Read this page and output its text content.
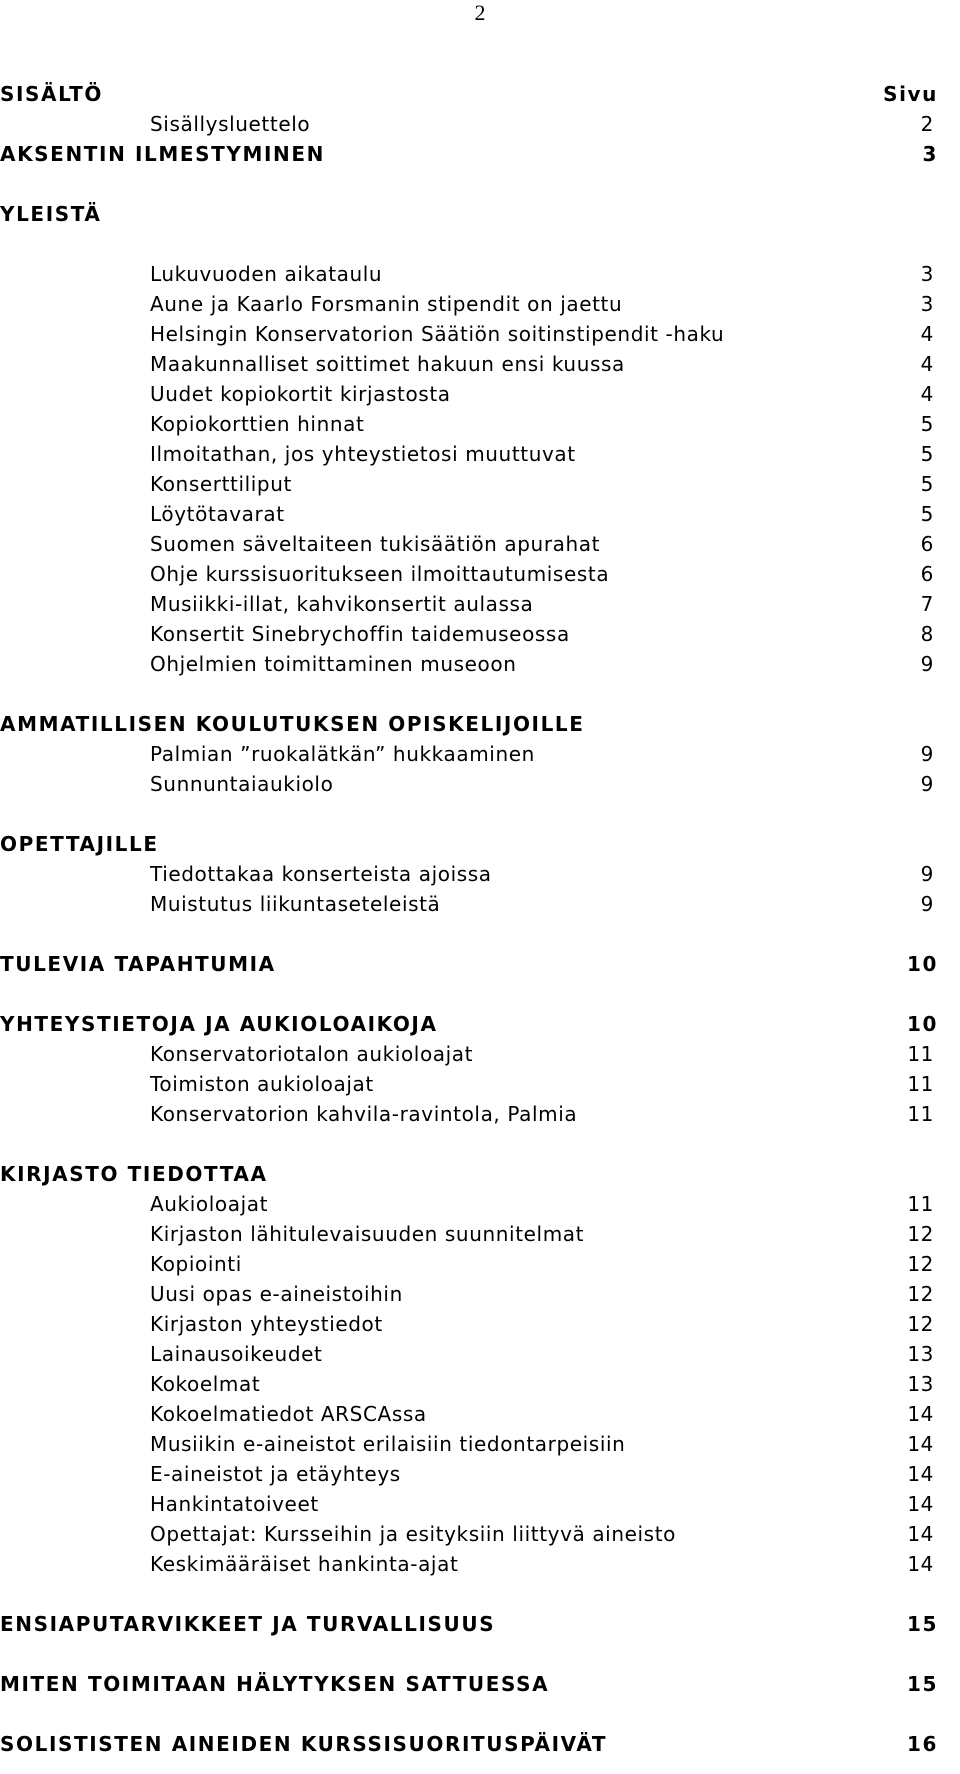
2
SISÄLTÖ	Sivu
Sisällysluettelo	2
AKSENTIN ILMESTYMINEN	3
YLEISTÄ
Lukuvuoden aikataulu	3
Aune ja Kaarlo Forsmanin stipendit on jaettu	3
Helsingin Konservatorion Säätiön soitinstipendit -haku	4
Maakunnalliset soittimet hakuun ensi kuussa	4
Uudet kopiokortit kirjastosta	4
Kopiokorttien hinnat	5
Ilmoitathan, jos yhteystietosi muuttuvat	5
Konserttiliput	5
Löytötavarat	5
Suomen säveltaiteen tukisäätiön apurahat	6
Ohje kurssisuoritukseen ilmoittautumisesta	6
Musiikki-illat, kahvikonsertit aulassa	7
Konsertit Sinebrychoffin taidemuseossa	8
Ohjelmien toimittaminen museoon	9
AMMATILLISEN KOULUTUKSEN OPISKELIJOILLE
Palmian ”ruokalätkän” hukkaaminen	9
Sunnuntaiaukiolo	9
OPETTAJILLE
Tiedottakaa konserteista ajoissa	9
Muistutus liikuntaseteleistä	9
TULEVIA TAPAHTUMIA	10
YHTEYSTIETOJA JA AUKIOLOAIKOJA	10
Konservatoriotalon aukioloajat	11
Toimiston aukioloajat	11
Konservatorion kahvila-ravintola, Palmia	11
KIRJASTO TIEDOTTAA
Aukioloajat	11
Kirjaston lähitulevaisuuden suunnitelmat	12
Kopiointi	12
Uusi opas e-aineistoihin	12
Kirjaston yhteystiedot	12
Lainausoikeudet	13
Kokoelmat	13
Kokoelmatiedot ARSCAssa	14
Musiikin e-aineistot erilaisiin tiedontarpeisiin	14
E-aineistot ja etäyhteys	14
Hankintatoiveet	14
Opettajat: Kursseihin ja esityksiin liittyvä aineisto	14
Keskimääräiset hankinta-ajat	14
ENSIAPUTARVIKKEET JA TURVALLISUUS	15
MITEN TOIMITAAN HÄLYTYKSEN SATTUESSA	15
SOLISTISTEN AINEIDEN KURSSISUORITUSPÄIVÄT	16
